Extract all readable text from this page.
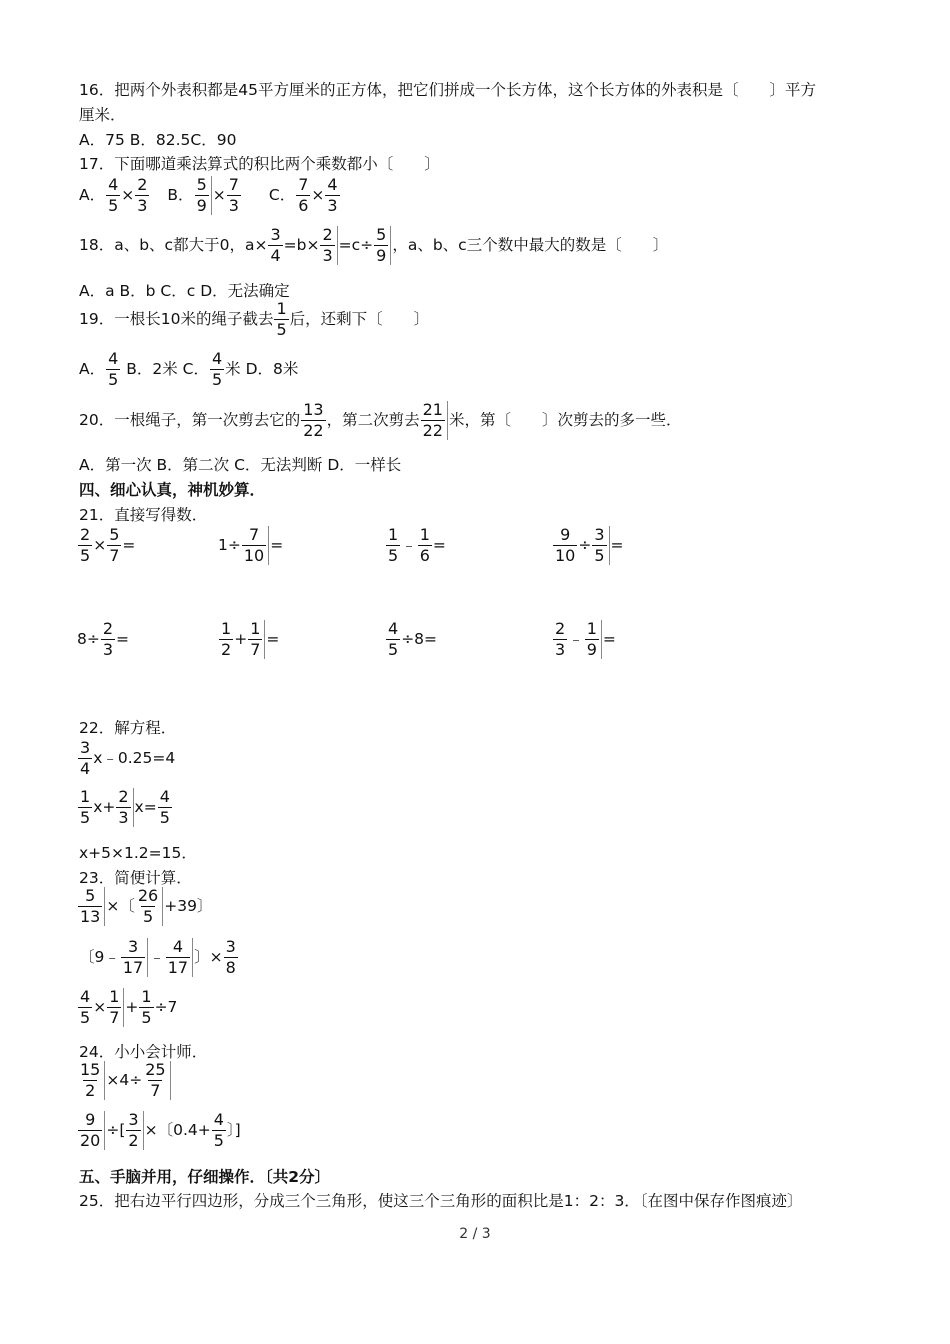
16．把两个外表积都是45平方厘米的正方体，把它们拼成一个长方体，这个长方体的外表积是〔　　〕平方
厘米．
A．75 B．82.5C．90
17．下面哪道乘法算式的积比两个乘数都小〔　　〕
A． $\frac{4}{5} \times \frac{2}{3}$ B． $\frac{5}{9} \times \frac{7}{3}$ C． $\frac{7}{6} \times \frac{4}{3}$
18．a、b、c都大于0，$a\times \frac{3}{4} =b\times \frac{2}{3} =c\div \frac{5}{9}$ ，a、b、c三个数中最大的数是〔　　〕
A．a B．b C．c D．无法确定
19．一根长10米的绳子截去 $\frac{1}{5}$ 后，还剩下〔　　〕
A． $\frac{4}{5}$ B．2米 C． $\frac{4}{5}$ 米 D．8米
20．一根绳子，第一次剪去它的 $\frac{13}{22}$ ，第二次剪去 $\frac{21}{22}$ 米，第〔　　〕次剪去的多一些．
A．第一次 B．第二次 C．无法判断 D．一样长
四、细心认真，神机妙算．
21．直接写得数．
$\frac{2}{5} \times \frac{5}{7}$ =	$1\div \frac{7}{10}$ =	$\frac{1}{5}$ ﹣ $\frac{1}{6}$ =	$\frac{9}{10} \div \frac{3}{5}$ =
$8\div \frac{2}{3}$ =	$\frac{1}{2} + \frac{1}{7}$ =	$\frac{4}{5} \div 8=$	$\frac{2}{3}$ ﹣ $\frac{1}{9}$ =
22．解方程．
$\frac{3}{4}$ x﹣0.25=4
$\frac{1}{5} x+ \frac{2}{3} x= \frac{4}{5}$
x+5×1.2=15．
23．简便计算．
$\frac{5}{13}$ ×〔 $\frac{26}{5} +39$〕
〔9﹣ $\frac{3}{17}$ ﹣ $\frac{4}{17}$ 〕× $\frac{3}{8}$
$\frac{4}{5} \times \frac{1}{7} + \frac{1}{5} \div 7$
24．小小会计师．
$\frac{15}{2} \times 4\div \frac{25}{7}$
$\frac{9}{20}$ ÷[ $\frac{3}{2}$ ×〔$0.4+ \frac{4}{5}$ 〕]
五、手脑并用，仔细操作．〔共2分〕
25．把右边平行四边形，分成三个三角形，使这三个三角形的面积比是1：2：3．〔在图中保存作图痕迹〕
2 / 3
